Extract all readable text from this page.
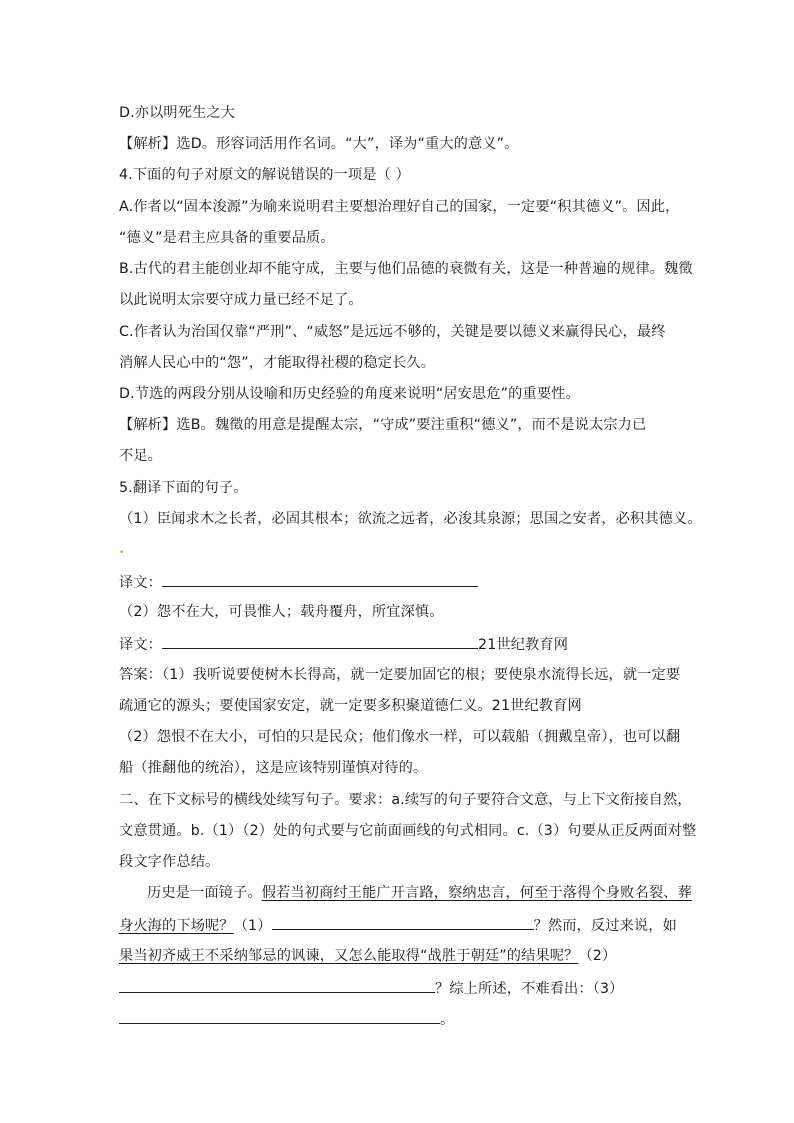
D.亦以明死生之大
【解析】选D。形容词活用作名词。“大”，译为“重大的意义”。
4.下面的句子对原文的解说错误的一项是（ ）
A.作者以“固本浚源”为喻来说明君主要想治理好自己的国家，一定要“积其德义”。因此，
“德义”是君主应具备的重要品质。
B.古代的君主能创业却不能守成，主要与他们品德的衰微有关，这是一种普遍的规律。魏徵
以此说明太宗要守成力量已经不足了。
C.作者认为治国仅靠“严刑”、“威怒”是远远不够的，关键是要以德义来赢得民心，最终
消解人民心中的“怨”，才能取得社稷的稳定长久。
D.节选的两段分别从设喻和历史经验的角度来说明“居安思危”的重要性。
【解析】选B。魏徵的用意是提醒太宗，“守成”要注重积“德义”，而不是说太宗力已
不足。
5.翻译下面的句子。
（1）臣闻求木之长者，必固其根本；欲流之远者，必浚其泉源；思国之安者，必积其德义。
•
译文：
（2）怨不在大，可畏惟人；载舟覆舟，所宜深慎。
译文：	21世纪教育网
答案：（1）我听说要使树木长得高，就一定要加固它的根；要使泉水流得长远，就一定要
疏通它的源头；要使国家安定，就一定要多积聚道德仁义。21世纪教育网
（2）怨恨不在大小，可怕的只是民众；他们像水一样，可以载船（拥戴皇帝），也可以翻
船（推翻他的统治），这是应该特别谨慎对待的。
二、在下文标号的横线处续写句子。要求：a.续写的句子要符合文意，与上下文衔接自然，
文意贯通。b.（1）（2）处的句式要与它前面画线的句式相同。c.（3）句要从正反两面对整
段文字作总结。
历史是一面镜子。假若当初商纣王能广开言路，察纳忠言，何至于落得个身败名裂、葬
身火海的下场呢？（1）	？然而，反过来说，如
果当初齐威王不采纳邹忌的讽谏，又怎么能取得“战胜于朝廷”的结果呢？（2）
？综上所述，不难看出：（3）
。
